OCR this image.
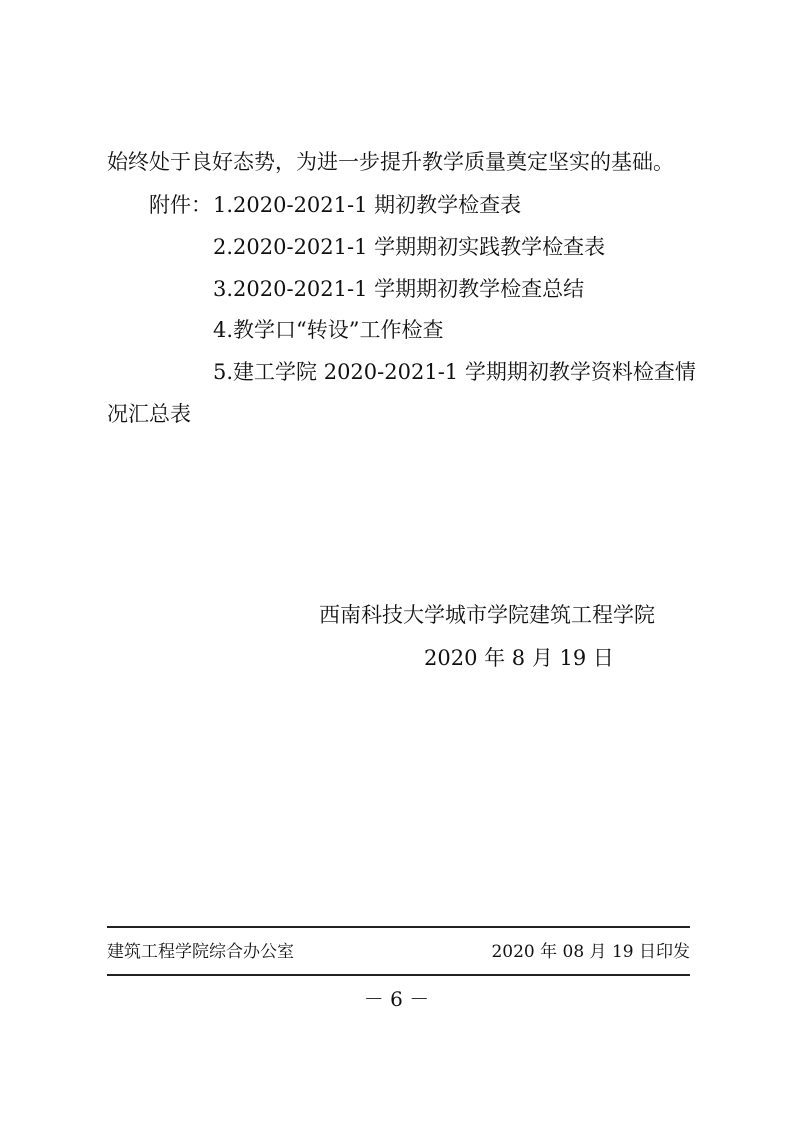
始终处于良好态势，为进一步提升教学质量奠定坚实的基础。
附件： 1.2020-2021-1 期初教学检查表
2.2020-2021-1 学期期初实践教学检查表
3.2020-2021-1 学期期初教学检查总结
4.教学口“转设”工作检查
5.建工学院 2020-2021-1 学期期初教学资料检查情
况汇总表
西南科技大学城市学院建筑工程学院
2020 年 8 月 19 日
建筑工程学院综合办公室	2020 年 08 月 19 日印发
－ 6 －
